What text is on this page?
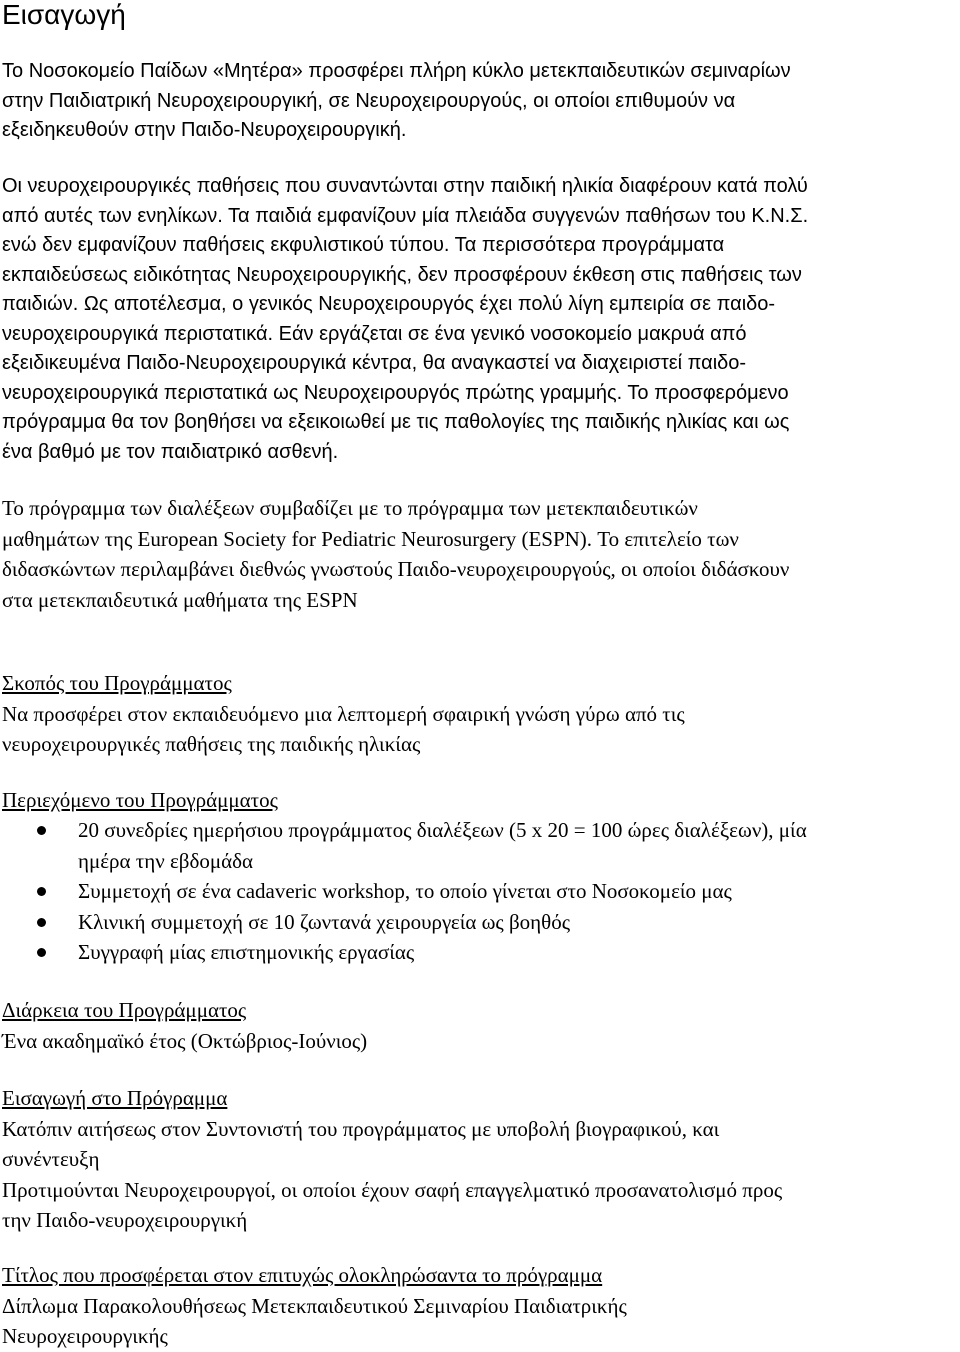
Εισαγωγή

Το Νοσοκομείο Παίδων «Μητέρα» προσφέρει πλήρη κύκλο μετεκπαιδευτικών σεμιναρίων
στην Παιδιατρική Νευροχειρουργική, σε Νευροχειρουργούς, οι οποίοι επιθυμούν να
εξειδηκευθούν στην Παιδο-Νευροχειρουργική.

Οι νευροχειρουργικές παθήσεις που συναντώνται στην παιδική ηλικία διαφέρουν κατά πολύ
από αυτές των ενηλίκων. Τα παιδιά εμφανίζουν μία πλειάδα συγγενών παθήσων του Κ.Ν.Σ.
ενώ δεν εμφανίζουν παθήσεις εκφυλιστικού τύπου. Τα περισσότερα προγράμματα
εκπαιδεύσεως ειδικότητας Νευροχειρουργικής, δεν προσφέρουν έκθεση στις παθήσεις των
παιδιών. Ως αποτέλεσμα, ο γενικός Νευροχειρουργός έχει πολύ λίγη εμπειρία σε παιδο-
νευροχειρουργικά περιστατικά. Εάν εργάζεται σε ένα γενικό νοσοκομείο μακρυά από
εξειδικευμένα Παιδο-Νευροχειρουργικά κέντρα, θα αναγκαστεί να διαχειριστεί παιδο-
νευροχειρουργικά περιστατικά ως Νευροχειρουργός πρώτης γραμμής. Το προσφερόμενο
πρόγραμμα θα τον βοηθήσει να εξεικοιωθεί με τις παθολογίες της παιδικής ηλικίας και ως
ένα βαθμό με τον παιδιατρικό ασθενή.

Το πρόγραμμα των διαλέξεων συμβαδίζει με το πρόγραμμα των μετεκπαιδευτικών
μαθημάτων της European Society for Pediatric Neurosurgery (ESPN). Το επιτελείο των
διδασκώντων περιλαμβάνει διεθνώς γνωστούς Παιδο-νευροχειρουργούς, οι οποίοι διδάσκουν
στα μετεκπαιδευτικά μαθήματα της ESPN

Σκοπός του Προγράμματος
Να προσφέρει στον εκπαιδευόμενο μια λεπτομερή σφαιρική γνώση γύρω από τις
νευροχειρουργικές παθήσεις της παιδικής ηλικίας
Περιεχόμενο του Προγράμματος
20 συνεδρίες ημερήσιου προγράμματος διαλέξεων (5 x 20 = 100 ώρες διαλέξεων), μία
ημέρα την εβδομάδα
Συμμετοχή σε ένα cadaveric workshop, το οποίο γίνεται στο Νοσοκομείο μας
Κλινική συμμετοχή σε 10 ζωντανά χειρουργεία ως βοηθός
Συγγραφή μίας επιστημονικής εργασίας
Διάρκεια του Προγράμματος
Ένα ακαδημαϊκό έτος (Οκτώβριος-Ιούνιος)
Εισαγωγή στο Πρόγραμμα
Κατόπιν αιτήσεως στον Συντονιστή του προγράμματος με υποβολή βιογραφικού, και
συνέντευξη
Προτιμούνται Νευροχειρουργοί, οι οποίοι έχουν σαφή επαγγελματικό προσανατολισμό προς
την Παιδο-νευροχειρουργική
Τίτλος που προσφέρεται στον επιτυχώς ολοκληρώσαντα το πρόγραμμα
Δίπλωμα Παρακολουθήσεως Μετεκπαιδευτικού Σεμιναρίου Παιδιατρικής
Νευροχειρουργικής
